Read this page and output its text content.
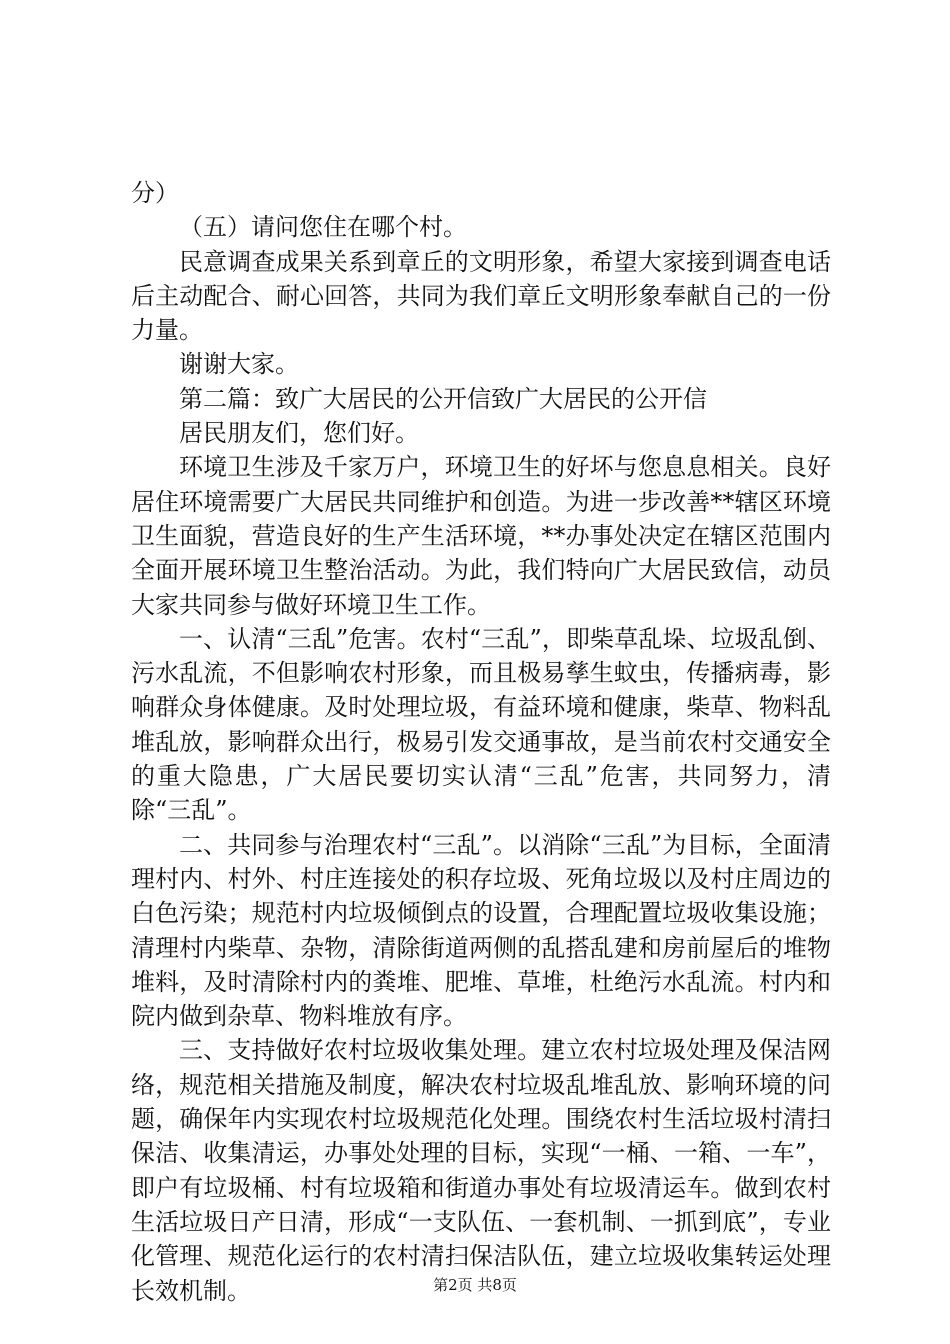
分）

（五）请问您住在哪个村。

民意调查成果关系到章丘的文明形象，希望大家接到调查电话后主动配合、耐心回答，共同为我们章丘文明形象奉献自己的一份力量。

谢谢大家。

第二篇：致广大居民的公开信致广大居民的公开信

居民朋友们，您们好。

环境卫生涉及千家万户，环境卫生的好坏与您息息相关。良好居住环境需要广大居民共同维护和创造。为进一步改善**辖区环境卫生面貌，营造良好的生产生活环境，**办事处决定在辖区范围内全面开展环境卫生整治活动。为此，我们特向广大居民致信，动员大家共同参与做好环境卫生工作。

一、认清“三乱”危害。农村“三乱”，即柴草乱垛、垃圾乱倒、污水乱流，不但影响农村形象，而且极易孳生蚊虫，传播病毒，影响群众身体健康。及时处理垃圾，有益环境和健康，柴草、物料乱堆乱放，影响群众出行，极易引发交通事故，是当前农村交通安全的重大隐患，广大居民要切实认清“三乱”危害，共同努力，清除“三乱”。

二、共同参与治理农村“三乱”。以消除“三乱”为目标，全面清理村内、村外、村庄连接处的积存垃圾、死角垃圾以及村庄周边的白色污染；规范村内垃圾倾倒点的设置，合理配置垃圾收集设施；清理村内柴草、杂物，清除街道两侧的乱搭乱建和房前屋后的堆物堆料，及时清除村内的粪堆、肥堆、草堆，杜绝污水乱流。村内和院内做到杂草、物料堆放有序。

三、支持做好农村垃圾收集处理。建立农村垃圾处理及保洁网络，规范相关措施及制度，解决农村垃圾乱堆乱放、影响环境的问题，确保年内实现农村垃圾规范化处理。围绕农村生活垃圾村清扫保洁、收集清运，办事处处理的目标，实现“一桶、一箱、一车”，即户有垃圾桶、村有垃圾箱和街道办事处有垃圾清运车。做到农村生活垃圾日产日清，形成“一支队伍、一套机制、一抓到底”，专业化管理、规范化运行的农村清扫保洁队伍，建立垃圾收集转运处理长效机制。	第2页 共8页
